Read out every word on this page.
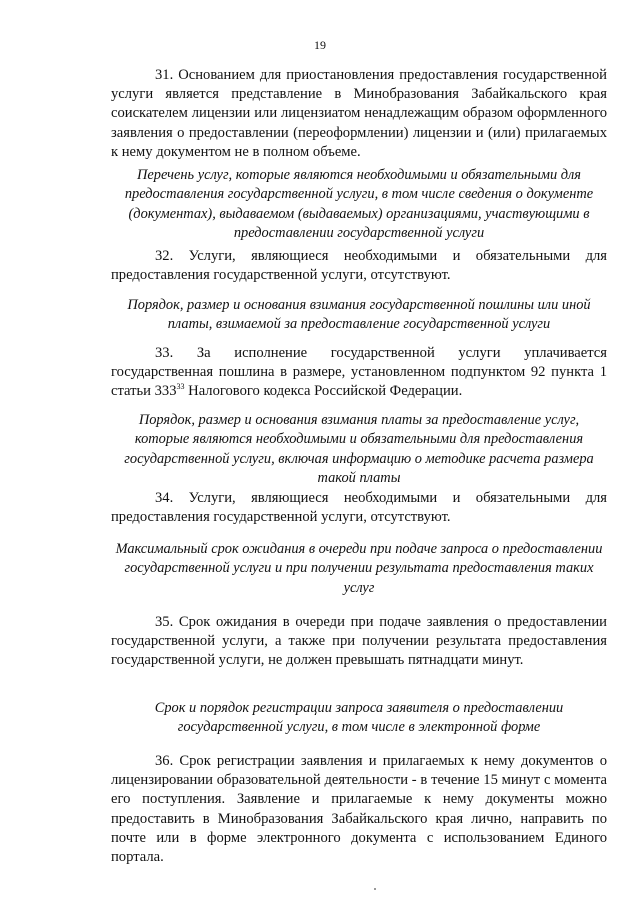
19

31. Основанием для приостановления предоставления государственной услуги является представление в Минобразования Забайкальского края соискателем лицензии или лицензиатом ненадлежащим образом оформленного заявления о предоставлении (переоформлении) лицензии и (или) прилагаемых к нему документом не в полном объеме.

Перечень услуг, которые являются необходимыми и обязательными для предоставления государственной услуги, в том числе сведения о документе (документах), выдаваемом (выдаваемых) организациями, участвующими в предоставлении государственной услуги

32. Услуги, являющиеся необходимыми и обязательными для предоставления государственной услуги, отсутствуют.

Порядок, размер и основания взимания государственной пошлины или иной платы, взимаемой за предоставление государственной услуги

33. За исполнение государственной услуги уплачивается государственная пошлина в размере, установленном подпунктом 92 пункта 1 статьи $333^{33}$ Налогового кодекса Российской Федерации.

Порядок, размер и основания взимания платы за предоставление услуг, которые являются необходимыми и обязательными для предоставления государственной услуги, включая информацию о методике расчета размера такой платы

34. Услуги, являющиеся необходимыми и обязательными для предоставления государственной услуги, отсутствуют.

Максимальный срок ожидания в очереди при подаче запроса о предоставлении государственной услуги и при получении результата предоставления таких услуг

35. Срок ожидания в очереди при подаче заявления о предоставлении государственной услуги, а также при получении результата предоставления государственной услуги, не должен превышать пятнадцати минут.

Срок и порядок регистрации запроса заявителя о предоставлении государственной услуги, в том числе в электронной форме

36. Срок регистрации заявления и прилагаемых к нему документов о лицензировании образовательной деятельности - в течение 15 минут с момента его поступления. Заявление и прилагаемые к нему документы можно предоставить в Минобразования Забайкальского края лично, направить по почте или в форме электронного документа с использованием Единого портала.
